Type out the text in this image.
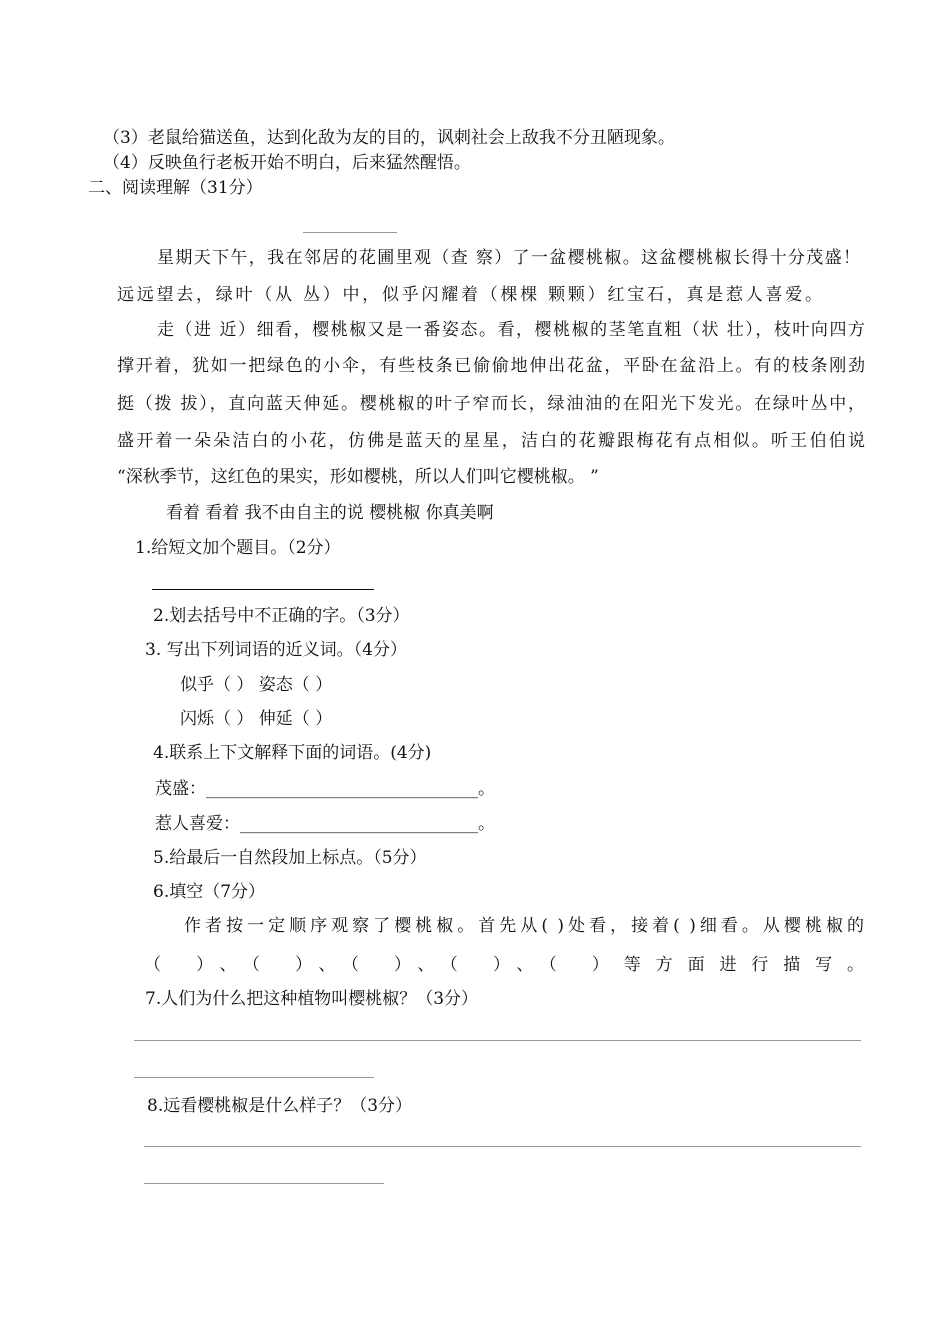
（3）老鼠给猫送鱼，达到化敌为友的目的，讽刺社会上敌我不分丑陋现象。
（4）反映鱼行老板开始不明白，后来猛然醒悟。
二、阅读理解（31分）
星期天下午，我在邻居的花圃里观（查 察）了一盆樱桃椒。这盆樱桃椒长得十分茂盛！
远远望去，绿叶（从 丛）中，似乎闪耀着（棵棵 颗颗）红宝石，真是惹人喜爱。
走（进 近）细看，樱桃椒又是一番姿态。看，樱桃椒的茎笔直粗（状 壮），枝叶向四方
撑开着，犹如一把绿色的小伞，有些枝条已偷偷地伸出花盆，平卧在盆沿上。有的枝条刚劲
挺（拨 拔），直向蓝天伸延。樱桃椒的叶子窄而长，绿油油的在阳光下发光。在绿叶丛中，
盛开着一朵朵洁白的小花，仿佛是蓝天的星星，洁白的花瓣跟梅花有点相似。听王伯伯说
“深秋季节，这红色的果实，形如樱桃，所以人们叫它樱桃椒。 ”
看着 看着 我不由自主的说 樱桃椒 你真美啊
1.给短文加个题目。（2分）
2.划去括号中不正确的字。（3分）
3. 写出下列词语的近义词。（4分）
似乎（ ） 姿态（ ）
闪烁（ ） 伸延（ ）
4.联系上下文解释下面的词语。(4分)
茂盛：________________________________。
惹人喜爱：____________________________。
5.给最后一自然段加上标点。（5分）
6.填空（7分）
作者按一定顺序观察了樱桃椒。首先从( )处看，接着( )细看。从樱桃椒的
（ ）、（ ）、（ ）、（ ）、（ ）等方面进行描写。
7.人们为什么把这种植物叫樱桃椒？（3分）
8.远看樱桃椒是什么样子？（3分）
